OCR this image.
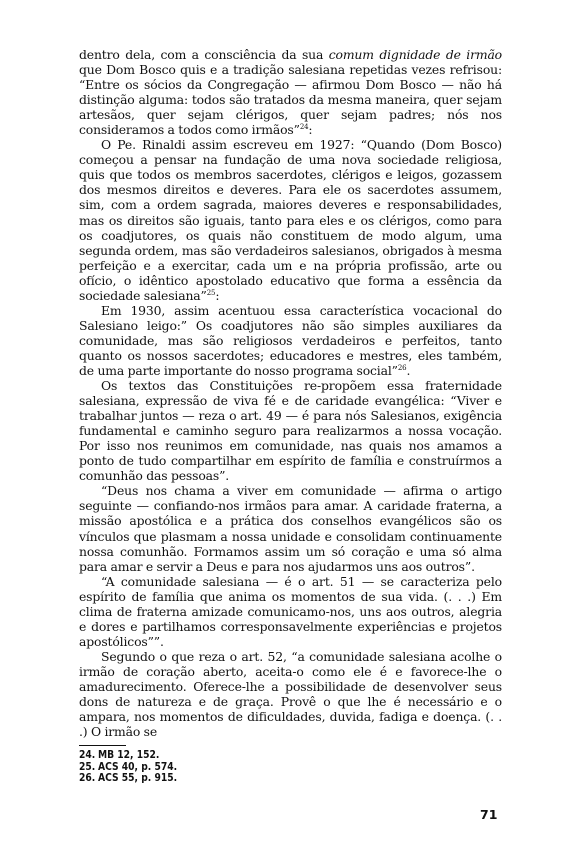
dentro dela, com a consciência da sua comum dignidade de irmão que Dom Bosco quis e a tradição salesiana repetidas vezes refrisou: “Entre os sócios da Congregação — afirmou Dom Bosco — não há distinção alguma: todos são tratados da mesma maneira, quer sejam artesãos, quer sejam clérigos, quer sejam padres; nós nos consideramos a todos como irmãos”$^{24}$:

O Pe. Rinaldi assim escreveu em 1927: “Quando (Dom Bosco) começou a pensar na fundação de uma nova sociedade religiosa, quis que todos os membros sacerdotes, clérigos e leigos, gozassem dos mesmos direitos e deveres. Para ele os sacerdotes assumem, sim, com a ordem sagrada, maiores deveres e responsabilidades, mas os direitos são iguais, tanto para eles e os clérigos, como para os coadjutores, os quais não constituem de modo algum, uma segunda ordem, mas são verdadeiros salesianos, obrigados à mesma perfeição e a exercitar, cada um e na própria profissão, arte ou ofício, o idêntico apostolado educativo que forma a essência da sociedade salesiana”$^{25}$:

Em 1930, assim acentuou essa característica vocacional do Salesiano leigo:” Os coadjutores não são simples auxiliares da comunidade, mas são religiosos verdadeiros e perfeitos, tanto quanto os nossos sacerdotes; educadores e mestres, eles também, de uma parte importante do nosso programa social”$^{26}$.

Os textos das Constituições re-propõem essa fraternidade salesiana, expressão de viva fé e de caridade evangélica: “Viver e trabalhar juntos — reza o art. 49 — é para nós Salesianos, exigência fundamental e caminho seguro para realizarmos a nossa vocação. Por isso nos reunimos em comunidade, nas quais nos amamos a ponto de tudo compartilhar em espírito de família e construírmos a comunhão das pessoas”.

“Deus nos chama a viver em comunidade — afirma o artigo seguinte — confiando-nos irmãos para amar. A caridade fraterna, a missão apostólica e a prática dos conselhos evangélicos são os vínculos que plasmam a nossa unidade e consolidam continuamente nossa comunhão. Formamos assim um só coração e uma só alma para amar e servir a Deus e para nos ajudarmos uns aos outros”.

“A comunidade salesiana — é o art. 51 — se caracteriza pelo espírito de família que anima os momentos de sua vida. (. . .) Em clima de fraterna amizade comunicamo-nos, uns aos outros, alegria e dores e partilhamos corresponsavelmente experiências e projetos apostólicos””.

Segundo o que reza o art. 52, “a comunidade salesiana acolhe o irmão de coração aberto, aceita-o como ele é e favorece-lhe o amadurecimento. Oferece-lhe a possibilidade de desenvolver seus dons de natureza e de graça. Provê o que lhe é necessário e o ampara, nos momentos de dificuldades, duvida, fadiga e doença. (. . .) O irmão se

24. MB 12, 152.
25. ACS 40, p. 574.
26. ACS 55, p. 915.
71
